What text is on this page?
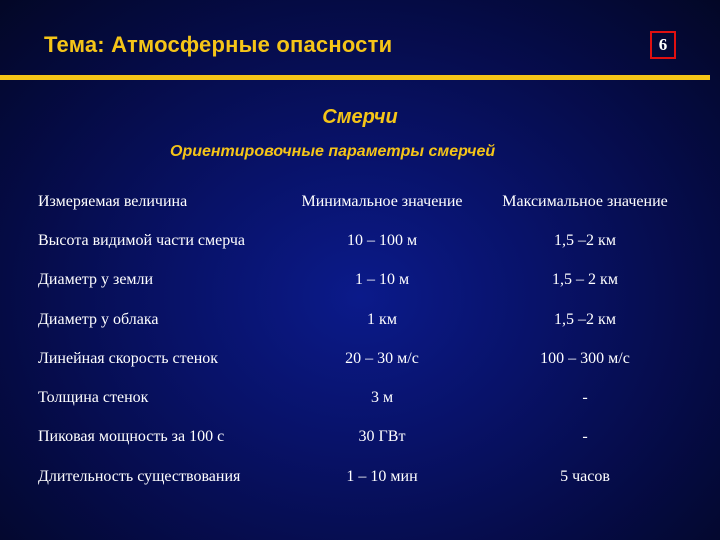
Тема: Атмосферные опасности	6
Смерчи
Ориентировочные параметры смерчей
Измеряемая величина	Минимальное значение	Максимальное значение
Высота видимой части смерча	10 – 100 м	1,5 –2 км
Диаметр у земли	1 – 10 м	1,5 – 2 км
Диаметр у облака	1 км	1,5 –2 км
Линейная скорость стенок	20 – 30 м/с	100 – 300 м/с
Толщина стенок	3 м	-
Пиковая мощность за 100 с	30 ГВт	-
Длительность существования	1 – 10 мин	5 часов
